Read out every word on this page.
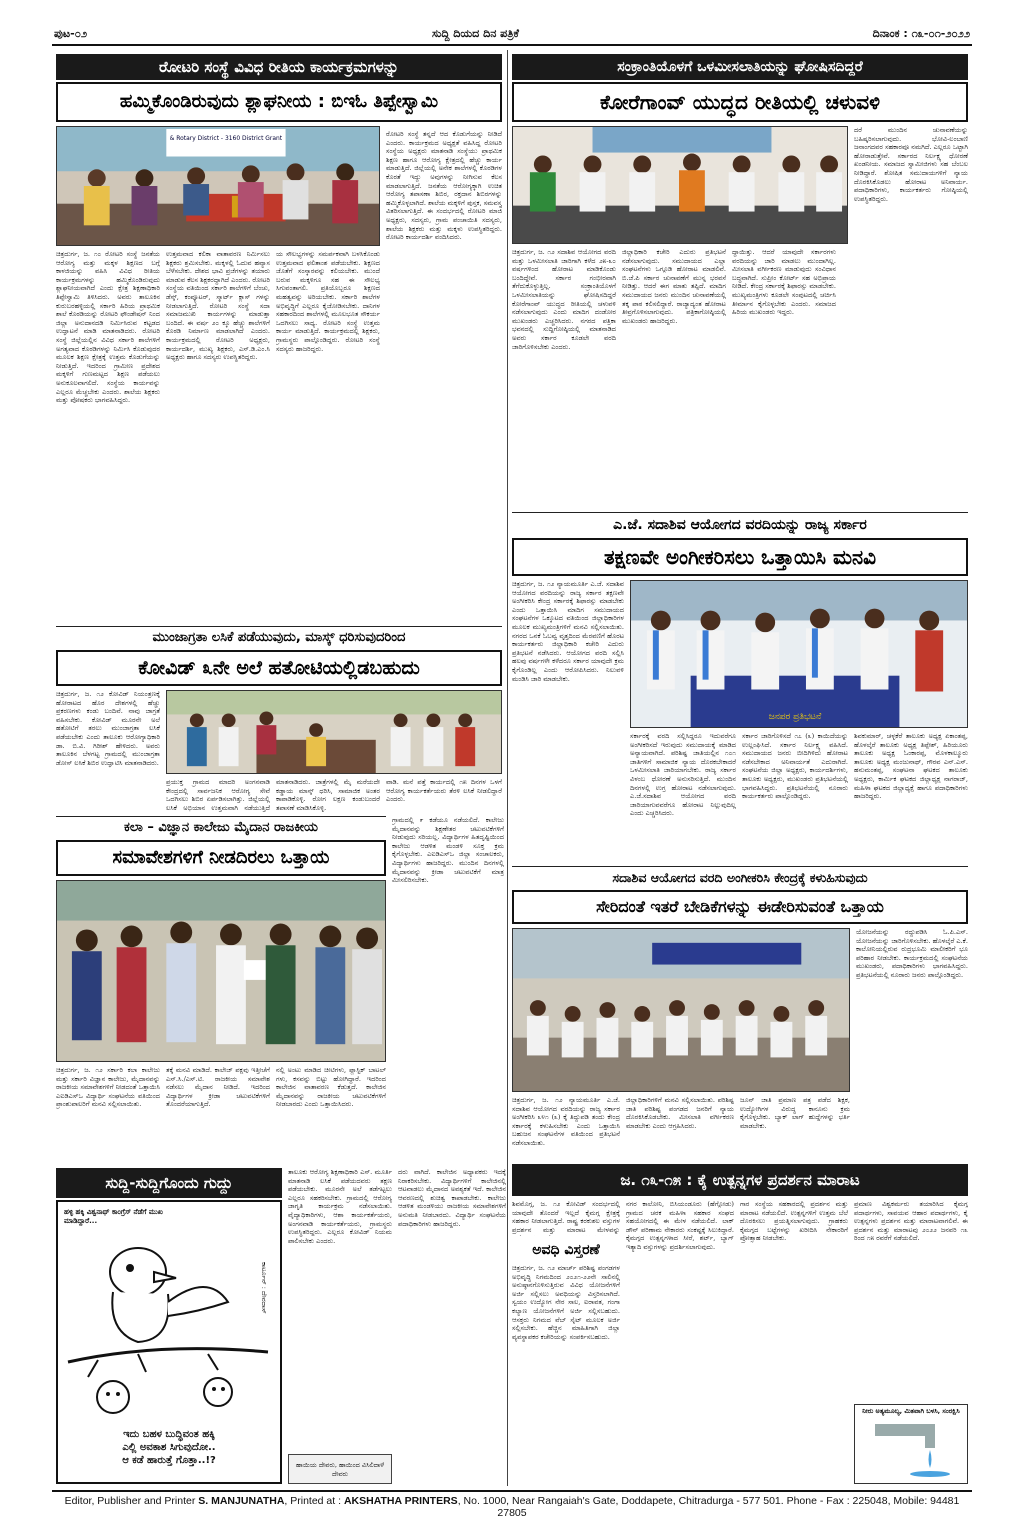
ಪುಟ-೦೨	ಸುದ್ದಿ ದಿಯದ ದಿನ ಪತ್ರಿಕೆ	ದಿನಾಂಕ : ೧೩-೦೧-೨೦೨೨
ರೋಟರಿ ಸಂಸ್ಥೆ ವಿವಿಧ ರೀತಿಯ ಕಾರ್ಯಕ್ರಮಗಳನ್ನು
ಹಮ್ಮಿಕೊಂಡಿರುವುದು ಶ್ಲಾಘನೀಯ : ಬಿಇಓ ತಿಪ್ಪೇಸ್ವಾಮಿ
& Rotary District - 3160 District Grant
ಚಿತ್ರದುರ್ಗ, ಜ. ೧೦ ರೋಟರಿ ಸಂಸ್ಥೆ ಜನತೆಯ ಆರೋಗ್ಯ ಮತ್ತು ಮಕ್ಕಳ ಶಿಕ್ಷಣದ ಬಗ್ಗೆ ಕಾಳಜಿಯನ್ನು ವಹಿಸಿ ವಿವಿಧ ರೀತಿಯ ಕಾರ್ಯಕ್ರಮಗಳನ್ನು ಹಮ್ಮಿಕೊಂಡಿರುವುದು ಶ್ಲಾಘನೀಯವಾಗಿದೆ ಎಂದು ಕ್ಷೇತ್ರ ಶಿಕ್ಷಣಾಧಿಕಾರಿ ತಿಪ್ಪೇಸ್ವಾಮಿ ತಿಳಿಸಿದರು. ಅವರು ತಾಲೂಕಿನ ಕುರುಬರಹಳ್ಳಿಯಲ್ಲಿ ಸರ್ಕಾರಿ ಹಿರಿಯ ಪ್ರಾಥಮಿಕ ಶಾಲೆ ಕೊಠಡಿಯನ್ನು ರೋಟರಿ ಫೌಂಡೇಷನ್ ನಿಂದ ಜಿಲ್ಲಾ ಅನುದಾನದಡಿ ನಿರ್ಮಿಸಿರುವ ಕಟ್ಟಡದ ಉದ್ಘಾಟನೆ ಮಾಡಿ ಮಾತನಾಡಿದರು. ರೋಟರಿ ಸಂಸ್ಥೆ ಜಿಲ್ಲೆಯಲ್ಲಿನ ವಿವಿಧ ಸರ್ಕಾರಿ ಶಾಲೆಗಳಿಗೆ ಅಗತ್ಯವಾದ ಕೊಠಡಿಗಳನ್ನು ನಿರ್ಮಿಸಿ ಕೊಡುವುದರ ಮೂಲಕ ಶಿಕ್ಷಣ ಕ್ಷೇತ್ರಕ್ಕೆ ಉತ್ತಮ ಕೊಡುಗೆಯನ್ನು ನೀಡುತ್ತಿದೆ. ಇದರಿಂದ ಗ್ರಾಮೀಣ ಪ್ರದೇಶದ ಮಕ್ಕಳಿಗೆ ಗುಣಮಟ್ಟದ ಶಿಕ್ಷಣ ಪಡೆಯಲು ಅನುಕೂಲವಾಗಲಿದೆ. ಸಂಸ್ಥೆಯ ಕಾರ್ಯವನ್ನು ಎಲ್ಲರೂ ಮೆಚ್ಚಬೇಕು ಎಂದರು. ಶಾಲೆಯ ಶಿಕ್ಷಕರು ಮತ್ತು ಪೋಷಕರು ಭಾಗವಹಿಸಿದ್ದರು.
ಉತ್ತಮವಾದ ಕಲಿಕಾ ವಾತಾವರಣ ನಿರ್ಮಿಸಲು ಶಿಕ್ಷಕರು ಶ್ರಮಿಸಬೇಕು. ಮಕ್ಕಳಲ್ಲಿ ಓದುವ ಹವ್ಯಾಸ ಬೆಳೆಸಬೇಕು. ದೇಶದ ಭಾವಿ ಪ್ರಜೆಗಳನ್ನು ತಯಾರು ಮಾಡುವ ಕೆಲಸ ಶಿಕ್ಷಕರದ್ದಾಗಿದೆ ಎಂದರು. ರೋಟರಿ ಸಂಸ್ಥೆಯ ವತಿಯಿಂದ ಸರ್ಕಾರಿ ಶಾಲೆಗಳಿಗೆ ಬೆಂಚು, ಡೆಸ್ಕ್, ಕಂಪ್ಯೂಟರ್, ಸ್ಮಾರ್ಟ್ ಕ್ಲಾಸ್ ಗಳನ್ನು ನೀಡಲಾಗುತ್ತಿದೆ. ರೋಟರಿ ಸಂಸ್ಥೆ ಸದಾ ಸಮಾಜಮುಖಿ ಕಾರ್ಯಗಳನ್ನು ಮಾಡುತ್ತಾ ಬಂದಿದೆ. ಈ ವರ್ಷ ೨೦ ಕ್ಕೂ ಹೆಚ್ಚು ಶಾಲೆಗಳಿಗೆ ಕೊಠಡಿ ನಿರ್ಮಾಣ ಮಾಡಲಾಗಿದೆ ಎಂದರು. ಕಾರ್ಯಕ್ರಮದಲ್ಲಿ ರೋಟರಿ ಅಧ್ಯಕ್ಷರು, ಕಾರ್ಯದರ್ಶಿ, ಮುಖ್ಯ ಶಿಕ್ಷಕರು, ಎಸ್.ಡಿ.ಎಂ.ಸಿ ಅಧ್ಯಕ್ಷರು ಹಾಗೂ ಸದಸ್ಯರು ಉಪಸ್ಥಿತರಿದ್ದರು.
ಯ ಸೌಲಭ್ಯಗಳನ್ನು ಸಮರ್ಪಕವಾಗಿ ಬಳಸಿಕೊಂಡು ಉತ್ತಮವಾದ ಫಲಿತಾಂಶ ಪಡೆಯಬೇಕು. ಶಿಕ್ಷಣದ ಜೊತೆಗೆ ಸಂಸ್ಕಾರವನ್ನು ಕಲಿಯಬೇಕು. ಮುಂದೆ ಬರುವ ಮಕ್ಕಳಿಗೂ ಸಹ ಈ ಸೌಲಭ್ಯ ಸಿಗುವಂತಾಗಲಿ. ಪ್ರತಿಯೊಬ್ಬರೂ ಶಿಕ್ಷಣದ ಮಹತ್ವವನ್ನು ಅರಿಯಬೇಕು. ಸರ್ಕಾರಿ ಶಾಲೆಗಳ ಅಭಿವೃದ್ಧಿಗೆ ಎಲ್ಲರೂ ಕೈಜೋಡಿಸಬೇಕು. ದಾನಿಗಳ ಸಹಕಾರದಿಂದ ಶಾಲೆಗಳಲ್ಲಿ ಮೂಲಭೂತ ಸೌಕರ್ಯ ಒದಗಿಸಲು ಸಾಧ್ಯ. ರೋಟರಿ ಸಂಸ್ಥೆ ಉತ್ತಮ ಕಾರ್ಯ ಮಾಡುತ್ತಿದೆ. ಕಾರ್ಯಕ್ರಮದಲ್ಲಿ ಶಿಕ್ಷಕರು, ಗ್ರಾಮಸ್ಥರು ಪಾಲ್ಗೊಂಡಿದ್ದರು. ರೋಟರಿ ಸಂಸ್ಥೆ ಸದಸ್ಯರು ಹಾಜರಿದ್ದರು.
ರೋಟರಿ ಸಂಸ್ಥೆ ತನ್ನದೆ ಆದ ಕೊಡುಗೆಯನ್ನು ನೀಡಿದೆ ಎಂದರು. ಕಾರ್ಯಕ್ರಮದ ಅಧ್ಯಕ್ಷತೆ ವಹಿಸಿದ್ದ ರೋಟರಿ ಸಂಸ್ಥೆಯ ಅಧ್ಯಕ್ಷರು ಮಾತನಾಡಿ ಸಂಸ್ಥೆಯು ಪ್ರಾಥಮಿಕ ಶಿಕ್ಷಣ ಹಾಗೂ ಆರೋಗ್ಯ ಕ್ಷೇತ್ರದಲ್ಲಿ ಹೆಚ್ಚು ಕಾರ್ಯ ಮಾಡುತ್ತಿದೆ. ಜಿಲ್ಲೆಯಲ್ಲಿ ಅನೇಕ ಶಾಲೆಗಳಲ್ಲಿ ಕೊಠಡಿಗಳ ಕೊರತೆ ಇದ್ದು ಅವುಗಳನ್ನು ನೀಗಿಸುವ ಕೆಲಸ ಮಾಡಲಾಗುತ್ತಿದೆ. ಜನತೆಯ ಆರೋಗ್ಯಕ್ಕಾಗಿ ಉಚಿತ ಆರೋಗ್ಯ ತಪಾಸಣಾ ಶಿಬಿರ, ರಕ್ತದಾನ ಶಿಬಿರಗಳನ್ನು ಹಮ್ಮಿಕೊಳ್ಳಲಾಗಿದೆ. ಶಾಲೆಯ ಮಕ್ಕಳಿಗೆ ಪುಸ್ತಕ, ಸಮವಸ್ತ್ರ ವಿತರಿಸಲಾಗುತ್ತಿದೆ. ಈ ಸಂದರ್ಭದಲ್ಲಿ ರೋಟರಿ ಮಾಜಿ ಅಧ್ಯಕ್ಷರು, ಸದಸ್ಯರು, ಗ್ರಾಮ ಪಂಚಾಯಿತಿ ಸದಸ್ಯರು, ಶಾಲೆಯ ಶಿಕ್ಷಕರು ಮತ್ತು ಮಕ್ಕಳು ಉಪಸ್ಥಿತರಿದ್ದರು. ರೋಟರಿ ಕಾರ್ಯದರ್ಶಿ ವಂದಿಸಿದರು.
ಸಂಕ್ರಾಂತಿಯೊಳಗೆ ಒಳಮೀಸಲಾತಿಯನ್ನು ಘೋಷಿಸದಿದ್ದರೆ
ಕೋರೆಗಾಂವ್ ಯುದ್ಧದ ರೀತಿಯಲ್ಲಿ ಚಳುವಳಿ
ಚಿತ್ರದುರ್ಗ, ಜ. ೧೨ ಸದಾಶಿವ ಆಯೋಗದ ವರದಿ ಮತ್ತು ಒಳಮೀಸಲಾತಿ ಜಾರಿಗಾಗಿ ಕಳೆದ ೨೫-೩೦ ವರ್ಷಗಳಿಂದ ಹೋರಾಟ ಮಾಡಿಕೊಂಡು ಬಂದಿದ್ದೇವೆ. ಸರ್ಕಾರ ಗಂಭೀರವಾಗಿ ತೆಗೆದುಕೊಳ್ಳುತ್ತಿಲ್ಲ. ಸಂಕ್ರಾಂತಿಯೊಳಗೆ ಒಳಮೀಸಲಾತಿಯನ್ನು ಘೋಷಿಸದಿದ್ದರೆ ಕೋರೆಗಾಂವ್ ಯುದ್ಧದ ರೀತಿಯಲ್ಲಿ ಚಳುವಳಿ ನಡೆಸಲಾಗುವುದು ಎಂದು ಮಾದಿಗ ದಂಡೋರ ಮುಖಂಡರು ಎಚ್ಚರಿಸಿದರು. ನಗರದ ಪತ್ರಿಕಾ ಭವನದಲ್ಲಿ ಸುದ್ದಿಗೋಷ್ಠಿಯಲ್ಲಿ ಮಾತನಾಡಿದ ಅವರು ಸರ್ಕಾರ ಕೂಡಲೇ ವರದಿ ಜಾರಿಗೊಳಿಸಬೇಕು ಎಂದರು.
ಜಿಲ್ಲಾಧಿಕಾರಿ ಕಚೇರಿ ಎದುರು ಪ್ರತಿಭಟನೆ ನಡೆಸಲಾಗುವುದು. ಸಮುದಾಯದ ಎಲ್ಲಾ ಸಂಘಟನೆಗಳು ಒಗ್ಗೂಡಿ ಹೋರಾಟ ಮಾಡಲಿವೆ. ಬಿ.ಜೆ.ಪಿ ಸರ್ಕಾರ ಚುನಾವಣೆಗೆ ಮುನ್ನ ಭರವಸೆ ನೀಡಿತ್ತು. ಆದರೆ ಈಗ ಮಾತು ತಪ್ಪಿದೆ. ಮಾದಿಗ ಸಮುದಾಯದ ಜನರು ಮುಂದಿನ ಚುನಾವಣೆಯಲ್ಲಿ ತಕ್ಕ ಪಾಠ ಕಲಿಸಲಿದ್ದಾರೆ. ರಾಜ್ಯಾದ್ಯಂತ ಹೋರಾಟ ತೀವ್ರಗೊಳಿಸಲಾಗುವುದು. ಪತ್ರಿಕಾಗೋಷ್ಠಿಯಲ್ಲಿ ಮುಖಂಡರು ಹಾಜರಿದ್ದರು.
ದ್ದಾಯಿತ್ತು. ಆದರೆ ಯಾವುದೇ ಸರ್ಕಾರಗಳು ವರದಿಯನ್ನು ಜಾರಿ ಮಾಡಲು ಮುಂದಾಗಿಲ್ಲ. ಮೀಸಲಾತಿ ವರ್ಗೀಕರಣ ಮಾಡುವುದು ಸಂವಿಧಾನ ಬದ್ಧವಾಗಿದೆ. ಸುಪ್ರೀಂ ಕೋರ್ಟ್ ಸಹ ಅಭಿಪ್ರಾಯ ನೀಡಿದೆ. ಕೇಂದ್ರ ಸರ್ಕಾರಕ್ಕೆ ಶಿಫಾರಸ್ಸು ಮಾಡಬೇಕು. ಮುಖ್ಯಮಂತ್ರಿಗಳು ಕೂಡಲೇ ಸಂಪುಟದಲ್ಲಿ ಚರ್ಚಿಸಿ ತೀರ್ಮಾನ ಕೈಗೊಳ್ಳಬೇಕು ಎಂದರು. ಸಮಾಜದ ಹಿರಿಯ ಮುಖಂಡರು ಇದ್ದರು.
ದರೆ ಮುಂದಿನ ಚುನಾವಣೆಯನ್ನು ಬಹಿಷ್ಕರಿಸಲಾಗುವುದು. ಭೋವಿ-ಲಂಬಾಣಿ ಜನಾಂಗದವರ ಸಹಕಾರವೂ ನಮಗಿದೆ. ಎಲ್ಲರೂ ಒಟ್ಟಾಗಿ ಹೋರಾಡುತ್ತೇವೆ. ಸರ್ಕಾರದ ನಿರ್ಲಕ್ಷ್ಯ ಧೋರಣೆ ಖಂಡನೀಯ. ಸಮಾಜದ ಸ್ವಾಮೀಜಿಗಳು ಸಹ ಬೆಂಬಲ ನೀಡಿದ್ದಾರೆ. ಶೋಷಿತ ಸಮುದಾಯಗಳಿಗೆ ನ್ಯಾಯ ದೊರಕಿಸಿಕೊಡಲು ಹೋರಾಟ ಅನಿವಾರ್ಯ. ಪದಾಧಿಕಾರಿಗಳು, ಕಾರ್ಯಕರ್ತರು ಗೋಷ್ಠಿಯಲ್ಲಿ ಉಪಸ್ಥಿತರಿದ್ದರು.
ಎ.ಜೆ. ಸದಾಶಿವ ಆಯೋಗದ ವರದಿಯನ್ನು ರಾಜ್ಯ ಸರ್ಕಾರ
ತಕ್ಷಣವೇ ಅಂಗೀಕರಿಸಲು ಒತ್ತಾಯಿಸಿ ಮನವಿ
ಚಿತ್ರದುರ್ಗ, ಜ. ೧೨ ನ್ಯಾಯಮೂರ್ತಿ ಎ.ಜೆ. ಸದಾಶಿವ ಆಯೋಗದ ವರದಿಯನ್ನು ರಾಜ್ಯ ಸರ್ಕಾರ ತಕ್ಷಣವೇ ಅಂಗೀಕರಿಸಿ ಕೇಂದ್ರ ಸರ್ಕಾರಕ್ಕೆ ಶಿಫಾರಸ್ಸು ಮಾಡಬೇಕು ಎಂದು ಒತ್ತಾಯಿಸಿ ಮಾದಿಗ ಸಮುದಾಯದ ಸಂಘಟನೆಗಳ ಒಕ್ಕೂಟದ ವತಿಯಿಂದ ಜಿಲ್ಲಾಧಿಕಾರಿಗಳ ಮೂಲಕ ಮುಖ್ಯಮಂತ್ರಿಗಳಿಗೆ ಮನವಿ ಸಲ್ಲಿಸಲಾಯಿತು. ನಗರದ ಒನಕೆ ಓಬವ್ವ ವೃತ್ತದಿಂದ ಮೆರವಣಿಗೆ ಹೊರಟ ಕಾರ್ಯಕರ್ತರು ಜಿಲ್ಲಾಧಿಕಾರಿ ಕಚೇರಿ ಎದುರು ಪ್ರತಿಭಟನೆ ನಡೆಸಿದರು. ಆಯೋಗದ ವರದಿ ಸಲ್ಲಿಸಿ ಹಲವು ವರ್ಷಗಳೇ ಕಳೆದರೂ ಸರ್ಕಾರ ಯಾವುದೇ ಕ್ರಮ ಕೈಗೊಂಡಿಲ್ಲ ಎಂದು ಆರೋಪಿಸಿದರು. ನಿಲುವಳಿ ಮಂಡಿಸಿ ಜಾರಿ ಮಾಡಬೇಕು.
ಜನಪರ ಪ್ರತಿಭಟನೆ
ಸರ್ಕಾರಕ್ಕೆ ವರದಿ ಸಲ್ಲಿಸಿದ್ದರೂ ಇದುವರೆಗೂ ಅಂಗೀಕರಿಸದೆ ಇರುವುದು ಸಮುದಾಯಕ್ಕೆ ಮಾಡಿದ ಅನ್ಯಾಯವಾಗಿದೆ. ಪರಿಶಿಷ್ಟ ಜಾತಿಯಲ್ಲಿನ ೧೦೧ ಜಾತಿಗಳಿಗೆ ಸಾಮಾಜಿಕ ನ್ಯಾಯ ದೊರಕಬೇಕಾದರೆ ಒಳಮೀಸಲಾತಿ ಜಾರಿಯಾಗಬೇಕು. ರಾಜ್ಯ ಸರ್ಕಾರ ವಿಳಂಬ ಧೋರಣೆ ಅನುಸರಿಸುತ್ತಿದೆ. ಮುಂದಿನ ದಿನಗಳಲ್ಲಿ ಉಗ್ರ ಹೋರಾಟ ನಡೆಸಲಾಗುವುದು. ಎ.ಜೆ.ಸದಾಶಿವ ಆಯೋಗದ ವರದಿ ಜಾರಿಯಾಗುವವರೆಗೂ ಹೋರಾಟ ನಿಲ್ಲುವುದಿಲ್ಲ ಎಂದು ಎಚ್ಚರಿಸಿದರು.
ಸರ್ಕಾರ ಜಾರಿಗೊಳಿಸದೆ ೧೭ (೩) ಕಾಯಿದೆಯನ್ನು ಉಲ್ಲಂಘಿಸಿದೆ. ಸರ್ಕಾರ ನಿರ್ಲಕ್ಷ್ಯ ವಹಿಸಿದೆ. ಸಮುದಾಯದ ಜನರು ಬೀದಿಗಿಳಿದು ಹೋರಾಟ ನಡೆಸಬೇಕಾದ ಅನಿವಾರ್ಯತೆ ಎದುರಾಗಿದೆ. ಸಂಘಟನೆಯ ಜಿಲ್ಲಾ ಅಧ್ಯಕ್ಷರು, ಕಾರ್ಯದರ್ಶಿಗಳು, ತಾಲೂಕು ಅಧ್ಯಕ್ಷರು, ಮುಖಂಡರು ಪ್ರತಿಭಟನೆಯಲ್ಲಿ ಭಾಗವಹಿಸಿದ್ದರು. ಪ್ರತಿಭಟನೆಯಲ್ಲಿ ನೂರಾರು ಕಾರ್ಯಕರ್ತರು ಪಾಲ್ಗೊಂಡಿದ್ದರು.
ಶಿವಕುಮಾರ್, ಚಳ್ಳಕೆರೆ ತಾಲೂಕು ಅಧ್ಯಕ್ಷ ಏಕಾಂತಪ್ಪ, ಹೊಳಲ್ಕೆರೆ ತಾಲೂಕು ಅಧ್ಯಕ್ಷ ತಿಪ್ಪೇಶ್, ಹಿರಿಯೂರು ತಾಲೂಕು ಅಧ್ಯಕ್ಷ ಓಂಕಾರಪ್ಪ, ಮೊಳಕಾಲ್ಮೂರು ತಾಲೂಕು ಅಧ್ಯಕ್ಷ ಮಂಜುನಾಥ್, ಗೌರವ ಎನ್.ಎಸ್. ಹನುಮಂತಪ್ಪ, ಸಂಘಟನಾ ಘಟಕದ ತಾಲೂಕು ಅಧ್ಯಕ್ಷರು, ಕಾರ್ಮಿಕ ಘಟಕದ ಜಿಲ್ಲಾಧ್ಯಕ್ಷ ನಾಗರಾಜ್, ಮಹಿಳಾ ಘಟಕದ ಜಿಲ್ಲಾಧ್ಯಕ್ಷೆ ಹಾಗೂ ಪದಾಧಿಕಾರಿಗಳು ಹಾಜರಿದ್ದರು.
ಮುಂಜಾಗ್ರತಾ ಲಸಿಕೆ ಪಡೆಯುವುದು, ಮಾಸ್ಕ್ ಧರಿಸುವುದರಿಂದ
ಕೋವಿಡ್ ೩ನೇ ಅಲೆ ಹತೋಟಿಯಲ್ಲಿಡಬಹುದು
ಚಿತ್ರದುರ್ಗ, ಜ. ೧೨ ಕೋವಿಡ್ ನಿಯಂತ್ರಣಕ್ಕೆ ಹೋರಾಟದ ಹೊರ ದೇಶಗಳಲ್ಲಿ ಹೆಚ್ಚು ಪ್ರಕರಣಗಳು ಕಂಡು ಬಂದಿವೆ. ನಾವು ಜಾಗ್ರತೆ ವಹಿಸಬೇಕು. ಕೋವಿಡ್ ಮೂರನೇ ಅಲೆ ಹತೋಟಿಗೆ ತರಲು ಮುಂಜಾಗ್ರತಾ ಲಸಿಕೆ ಪಡೆಯಬೇಕು ಎಂದು ತಾಲೂಕು ಆರೋಗ್ಯಾಧಿಕಾರಿ ಡಾ. ಬಿ.ವಿ. ಗಿರೀಶ್ ಹೇಳಿದರು. ಅವರು ತಾಲೂಕಿನ ಬೆಳಗಟ್ಟ ಗ್ರಾಮದಲ್ಲಿ ಮುಂಜಾಗ್ರತಾ ಡೋಸ್ ಲಸಿಕೆ ಶಿಬಿರ ಉದ್ಘಾಟಿಸಿ ಮಾತನಾಡಿದರು.
ಪ್ರಯುಕ್ತ ಗ್ರಾಮದ ಮಾದರಿ ಅಂಗನವಾಡಿ ಕೇಂದ್ರದಲ್ಲಿ ಸಾರ್ವಜನಿಕ ಆರೋಗ್ಯ ಸೇವೆ ಒದಗಿಸಲು ಶಿಬಿರ ಏರ್ಪಡಿಸಲಾಗಿತ್ತು. ಜಿಲ್ಲೆಯಲ್ಲಿ ಲಸಿಕೆ ಅಭಿಯಾನ ಉತ್ತಮವಾಗಿ ನಡೆಯುತ್ತಿದೆ
ಮಾತನಾಡಿದರು. ಜಾತ್ರೆಗಳಲ್ಲಿ ಮೈ ಮರೆಯದೇ ಕಡ್ಡಾಯ ಮಾಸ್ಕ್ ಧರಿಸಿ, ಸಾಮಾಜಿಕ ಅಂತರ ಕಾಪಾಡಿಕೊಳ್ಳಿ. ರೋಗ ಲಕ್ಷಣ ಕಂಡುಬಂದರೆ ತಪಾಸಣೆ ಮಾಡಿಸಿಕೊಳ್ಳಿ.
ವಾಡಿ. ಮನೆ ಪತ್ತೆ ಕಾರ್ಯದಲ್ಲಿ ೧೫ ದಿನಗಳ ಒಳಗೆ ಆರೋಗ್ಯ ಕಾರ್ಯಕರ್ತೆಯರು ತೆರಳಿ ಲಸಿಕೆ ನೀಡಲಿದ್ದಾರೆ ಎಂದರು.
ಕಲಾ – ವಿಜ್ಞಾನ ಕಾಲೇಜು ಮೈದಾನ ರಾಜಕೀಯ
ಸಮಾವೇಶಗಳಿಗೆ ನೀಡದಿರಲು ಒತ್ತಾಯ
ಚಿತ್ರದುರ್ಗ, ಜ. ೧೨ ಸರ್ಕಾರಿ ಕಲಾ ಕಾಲೇಜು ಮತ್ತು ಸರ್ಕಾರಿ ವಿಜ್ಞಾನ ಕಾಲೇಜು, ಮೈದಾನವನ್ನು ರಾಜಕೀಯ ಸಮಾವೇಶಗಳಿಗೆ ನೀಡದಂತೆ ಒತ್ತಾಯಿಸಿ ಎಐಡಿಎಸ್ಒ ವಿದ್ಯಾರ್ಥಿ ಸಂಘಟನೆಯ ವತಿಯಿಂದ ಪ್ರಾಂಶುಪಾಲರಿಗೆ ಮನವಿ ಸಲ್ಲಿಸಲಾಯಿತು.
ತಕ್ಕೆ ಮನವಿ ಮಾಡಿದೆ. ಕಾಲೇಜ್ ಪಕ್ಷವು ಇತ್ತೀಚೆಗೆ ಎಸ್.ಸಿ./ಎಸ್.ಟಿ. ರಾಜಕೀಯ ಸಮಾವೇಶ ನಡೆಸಲು ಮೈದಾನ ನೀಡಿದೆ. ಇದರಿಂದ ವಿದ್ಯಾರ್ಥಿಗಳ ಕ್ರೀಡಾ ಚಟುವಟಿಕೆಗಳಿಗೆ ತೊಂದರೆಯಾಗುತ್ತಿದೆ.
ನಲ್ಲಿ ಅಂಟು ಮಾಡಿದ ಚೀಟಿಗಳು, ಪ್ಲಾಸ್ಟಿಕ್ ಬಾಟಲ್ ಗಳು, ಕಸವನ್ನು ಬಿಟ್ಟು ಹೋಗಿದ್ದಾರೆ. ಇದರಿಂದ ಕಾಲೇಜಿನ ವಾತಾವರಣ ಕೆಡುತ್ತದೆ. ಕಾಲೇಜಿನ ಮೈದಾನವನ್ನು ರಾಜಕೀಯ ಚಟುವಟಿಕೆಗಳಿಗೆ ನೀಡಬಾರದು ಎಂದು ಒತ್ತಾಯಿಸಿದರು.
ಗ್ರಾಮದಲ್ಲಿ ೯ ಕಡೆಯೂ ನಡೆಯಲಿದೆ. ಕಾಲೇಜು ಮೈದಾನವನ್ನು ಶಿಕ್ಷಣೇತರ ಚಟುವಟಿಕೆಗಳಿಗೆ ನೀಡುವುದು ಸರಿಯಲ್ಲ. ವಿದ್ಯಾರ್ಥಿಗಳ ಹಿತದೃಷ್ಟಿಯಿಂದ ಕಾಲೇಜು ಆಡಳಿತ ಮಂಡಳಿ ಸೂಕ್ತ ಕ್ರಮ ಕೈಗೊಳ್ಳಬೇಕು. ಎಐಡಿಎಸ್ಒ ಜಿಲ್ಲಾ ಸಂಚಾಲಕರು, ವಿದ್ಯಾರ್ಥಿಗಳು ಹಾಜರಿದ್ದರು. ಮುಂದಿನ ದಿನಗಳಲ್ಲಿ ಮೈದಾನವನ್ನು ಕ್ರೀಡಾ ಚಟುವಟಿಕೆಗೆ ಮಾತ್ರ ಮೀಸಲಿರಿಸಬೇಕು.	ಸದಾಶಿವ ಆಯೋಗದ ವರದಿ ಅಂಗೀಕರಿಸಿ ಕೇಂದ್ರಕ್ಕೆ ಕಳುಹಿಸುವುದು
ಸೇರಿದಂತೆ ಇತರೆ ಬೇಡಿಕೆಗಳನ್ನು ಈಡೇರಿಸುವಂತೆ ಒತ್ತಾಯ
ಯೋಜನೆಯನ್ನು ರದ್ದುಪಡಿಸಿ ಓ.ಪಿ.ಎಸ್. ಯೋಜನೆಯನ್ನು ಜಾರಿಗೊಳಿಸಬೇಕು. ಹೊಳಲ್ಕೆರೆ ಎ.ಕೆ. ಕಾಲೋನಿಯಲ್ಲಿರುವ ರುದ್ರಭೂಮಿ ಮಾಲೀಕರಿಗೆ ಭೂ ಪರಿಹಾರ ನೀಡಬೇಕು. ಕಾರ್ಯಕ್ರಮದಲ್ಲಿ ಸಂಘಟನೆಯ ಮುಖಂಡರು, ಪದಾಧಿಕಾರಿಗಳು ಭಾಗವಹಿಸಿದ್ದರು. ಪ್ರತಿಭಟನೆಯಲ್ಲಿ ನೂರಾರು ಜನರು ಪಾಲ್ಗೊಂಡಿದ್ದರು.
ಚಿತ್ರದುರ್ಗ, ಜ. ೧೨ ನ್ಯಾಯಮೂರ್ತಿ ಎ.ಜೆ. ಸದಾಶಿವ ಆಯೋಗದ ವರದಿಯನ್ನು ರಾಜ್ಯ ಸರ್ಕಾರ ಅಂಗೀಕರಿಸಿ ೩೪೧ (೩) ಕ್ಕೆ ತಿದ್ದುಪಡಿ ತಂದು ಕೇಂದ್ರ ಸರ್ಕಾರಕ್ಕೆ ಕಳುಹಿಸಬೇಕು ಎಂದು ಒತ್ತಾಯಿಸಿ ಬಹುಜನ ಸಂಘಟನೆಗಳ ವತಿಯಿಂದ ಪ್ರತಿಭಟನೆ ನಡೆಸಲಾಯಿತು.
ಜಿಲ್ಲಾಧಿಕಾರಿಗಳಿಗೆ ಮನವಿ ಸಲ್ಲಿಸಲಾಯಿತು. ಪರಿಶಿಷ್ಟ ಜಾತಿ ಪರಿಶಿಷ್ಟ ಪಂಗಡದ ಜನರಿಗೆ ನ್ಯಾಯ ದೊರಕಿಸಿಕೊಡಬೇಕು. ಮೀಸಲಾತಿ ವರ್ಗೀಕರಣ ಮಾಡಬೇಕು ಎಂದು ಆಗ್ರಹಿಸಿದರು.
ಜೂನ್ ಜಾತಿ ಪ್ರಮಾಣ ಪತ್ರ ಪಡೆದ ಶಿಕ್ಷಕ, ಉದ್ಯೋಗಿಗಳ ವಿರುದ್ಧ ಕಾನೂನು ಕ್ರಮ ಕೈಗೊಳ್ಳಬೇಕು. ಬ್ಯಾಕ್ ಲಾಗ್ ಹುದ್ದೆಗಳನ್ನು ಭರ್ತಿ ಮಾಡಬೇಕು.
ಸುದ್ದಿ-ಸುದ್ದಿಗೊಂದು ಗುದ್ದು
ಹಳ್ಳಿ ಹಕ್ಕಿ ವಿಶ್ವನಾಥ್ ಕಾಂಗ್ರೆಸ್ ನೆಡೆಗೆ ಮುಖ ಮಾಡಿದ್ದಾರೆ...
ಕಾರ್ಟೂನ್ : ದೇವದಾಸ್
ಇದು ಬಹಳ ಬುದ್ಧಿವಂತ ಹಕ್ಕಿ
ಎಲ್ಲಿ ಅವಕಾಶ ಸಿಗುವುದೋ..
ಆ ಕಡೆ ಹಾರುತ್ತೆ ಗೊತ್ತಾ..!?
ತಾಲೂಕು ಆರೋಗ್ಯ ಶಿಕ್ಷಣಾಧಿಕಾರಿ ಎಸ್. ಮೂರ್ತಿ ಮಾತನಾಡಿ ಲಸಿಕೆ ಪಡೆಯದವರು ತಕ್ಷಣ ಪಡೆಯಬೇಕು. ಮೂರನೇ ಅಲೆ ತಡೆಗಟ್ಟಲು ಎಲ್ಲರೂ ಸಹಕರಿಸಬೇಕು. ಗ್ರಾಮದಲ್ಲಿ ಆರೋಗ್ಯ ಜಾಗೃತಿ ಕಾರ್ಯಕ್ರಮ ನಡೆಸಲಾಯಿತು. ವೈದ್ಯಾಧಿಕಾರಿಗಳು, ಆಶಾ ಕಾರ್ಯಕರ್ತೆಯರು, ಅಂಗನವಾಡಿ ಕಾರ್ಯಕರ್ತೆಯರು, ಗ್ರಾಮಸ್ಥರು ಉಪಸ್ಥಿತರಿದ್ದರು. ಎಲ್ಲರೂ ಕೋವಿಡ್ ನಿಯಮ ಪಾಲಿಸಬೇಕು ಎಂದರು.
ಹಾಯಿಯ ದೇವರು, ಹಾಯಿಂದ ವಿಸಿಲಿದಾಳೆ ದೇವರು
ದರು ವಾಗಿದೆ. ಕಾಲೇಜಿನ ಅಧ್ಯಾಪಕರು ಇದಕ್ಕೆ ನಿರಾಕರಿಸಬೇಕು. ವಿದ್ಯಾರ್ಥಿಗಳಿಗೆ ಕಾಲೇಜಿನಲ್ಲಿ ಆಟವಾಡಲು ಮೈದಾನದ ಅವಶ್ಯಕತೆ ಇದೆ. ಕಾಲೇಜಿನ ಆವರಣದಲ್ಲಿ ಶುಚಿತ್ವ ಕಾಪಾಡಬೇಕು. ಕಾಲೇಜು ಆಡಳಿತ ಮಂಡಳಿಯು ರಾಜಕೀಯ ಸಮಾವೇಶಗಳಿಗೆ ಅನುಮತಿ ನೀಡಬಾರದು. ವಿದ್ಯಾರ್ಥಿ ಸಂಘಟನೆಯ ಪದಾಧಿಕಾರಿಗಳು ಹಾಜರಿದ್ದರು.
ಅವಧಿ ವಿಸ್ತರಣೆ
ಚಿತ್ರದುರ್ಗ, ಜ. ೧೨ ಮಾರ್ಚ್ ಪರಿಶಿಷ್ಟ ಪಂಗಡಗಳ ಅಭಿವೃದ್ಧಿ ನಿಗಮದಿಂದ ೨೦೨೧-೨೨ನೇ ಸಾಲಿನಲ್ಲಿ ಅನುಷ್ಠಾನಗೊಳಿಸುತ್ತಿರುವ ವಿವಿಧ ಯೋಜನೆಗಳಿಗೆ ಅರ್ಜಿ ಸಲ್ಲಿಸಲು ಅವಧಿಯನ್ನು ವಿಸ್ತರಿಸಲಾಗಿದೆ. ಸ್ವಯಂ ಉದ್ಯೋಗ ನೇರ ಸಾಲ, ಐರಾವತ, ಗಂಗಾ ಕಲ್ಯಾಣ ಯೋಜನೆಗಳಿಗೆ ಅರ್ಜಿ ಸಲ್ಲಿಸಬಹುದು. ಆಸಕ್ತರು ನಿಗಮದ ವೆಬ್ ಸೈಟ್ ಮೂಲಕ ಅರ್ಜಿ ಸಲ್ಲಿಸಬೇಕು. ಹೆಚ್ಚಿನ ಮಾಹಿತಿಗಾಗಿ ಜಿಲ್ಲಾ ವ್ಯವಸ್ಥಾಪಕರ ಕಚೇರಿಯನ್ನು ಸಂಪರ್ಕಿಸಬಹುದು.
ಜ. ೧೩-೧೫ : ಕೈ ಉತ್ಪನ್ನಗಳ ಪ್ರದರ್ಶನ ಮಾರಾಟ
ಶಿವಮೊಗ್ಗ, ಜ. ೧೨ ಕೋವಿಡ್ ಸಂದರ್ಭದಲ್ಲಿ ಯಾವುದೇ ತೊಂದರೆ ಇಲ್ಲದೆ ಕೈಮಗ್ಗ ಕ್ಷೇತ್ರಕ್ಕೆ ಸಹಕಾರ ನೀಡಲಾಗುತ್ತಿದೆ. ರಾಷ್ಟ್ರ ಕರಕುಶಲ ವಸ್ತುಗಳ ಪ್ರದರ್ಶನ ಮತ್ತು ಮಾರಾಟ ಮೇಳವನ್ನು
ನಗರ ಕಾಲೋನಿ, ಬಿಸಿಯಂಡೂರು (ಹೆಗ್ಗೋಡು) ಗ್ರಾಮದ ಚರಕ ಮಹಿಳಾ ಸಹಕಾರ ಸಂಘದ ಸಹಯೋಗದಲ್ಲಿ ಈ ಮೇಳ ನಡೆಯಲಿದೆ. ಲಾಕ್ ಡೌನ್ ಪರಿಣಾಮ ನೇಕಾರರು ಸಂಕಷ್ಟಕ್ಕೆ ಸಿಲುಕಿದ್ದಾರೆ. ಕೈಮಗ್ಗದ ಉತ್ಪನ್ನಗಳಾದ ಸೀರೆ, ಶರ್ಟ್, ಬ್ಯಾಗ್ ಇತ್ಯಾದಿ ವಸ್ತುಗಳನ್ನು ಪ್ರದರ್ಶಿಸಲಾಗುವುದು.
ಗಾರ ಸಂಸ್ಥೆಯ ಸಹಕಾರದಲ್ಲಿ ಪ್ರದರ್ಶನ ಮತ್ತು ಮಾರಾಟ ನಡೆಯಲಿದೆ. ಉತ್ಪನ್ನಗಳಿಗೆ ಉತ್ತಮ ಬೆಲೆ ದೊರಕಿಸಲು ಪ್ರಯತ್ನಿಸಲಾಗುವುದು. ಗ್ರಾಹಕರು ಕೈಮಗ್ಗದ ಬಟ್ಟೆಗಳನ್ನು ಖರೀದಿಸಿ ನೇಕಾರರಿಗೆ ಪ್ರೋತ್ಸಾಹ ನೀಡಬೇಕು.
ಪ್ರಮಾಣ ವಿಶ್ವಕರ್ಮರು ತಯಾರಿಸಿದ ಕೈಮಗ್ಗ ಪದಾರ್ಥಗಳು, ಸಾವಯವ ಆಹಾರ ಪದಾರ್ಥಗಳು, ಕೈ ಉತ್ಪನ್ನಗಳು ಪ್ರದರ್ಶನ ಮತ್ತು ಮಾರಾಟವಾಗಲಿವೆ. ಈ ಪ್ರದರ್ಶನ ಮತ್ತು ಮಾರಾಟವು ೨೦೨೨ ಜನವರಿ ೧೩ ರಿಂದ ೧೫ ರವರೆಗೆ ನಡೆಯಲಿದೆ.
ನೀರು ಅತ್ಯಮೂಲ್ಯ, ಮಿತವಾಗಿ ಬಳಸಿ, ಸಂರಕ್ಷಿಸಿ
Editor, Publisher and Printer S. MANJUNATHA, Printed at : AKSHATHA PRINTERS, No. 1000, Near Rangaiah's Gate, Doddapete, Chitradurga - 577 501. Phone - Fax : 225048, Mobile: 94481 27805
